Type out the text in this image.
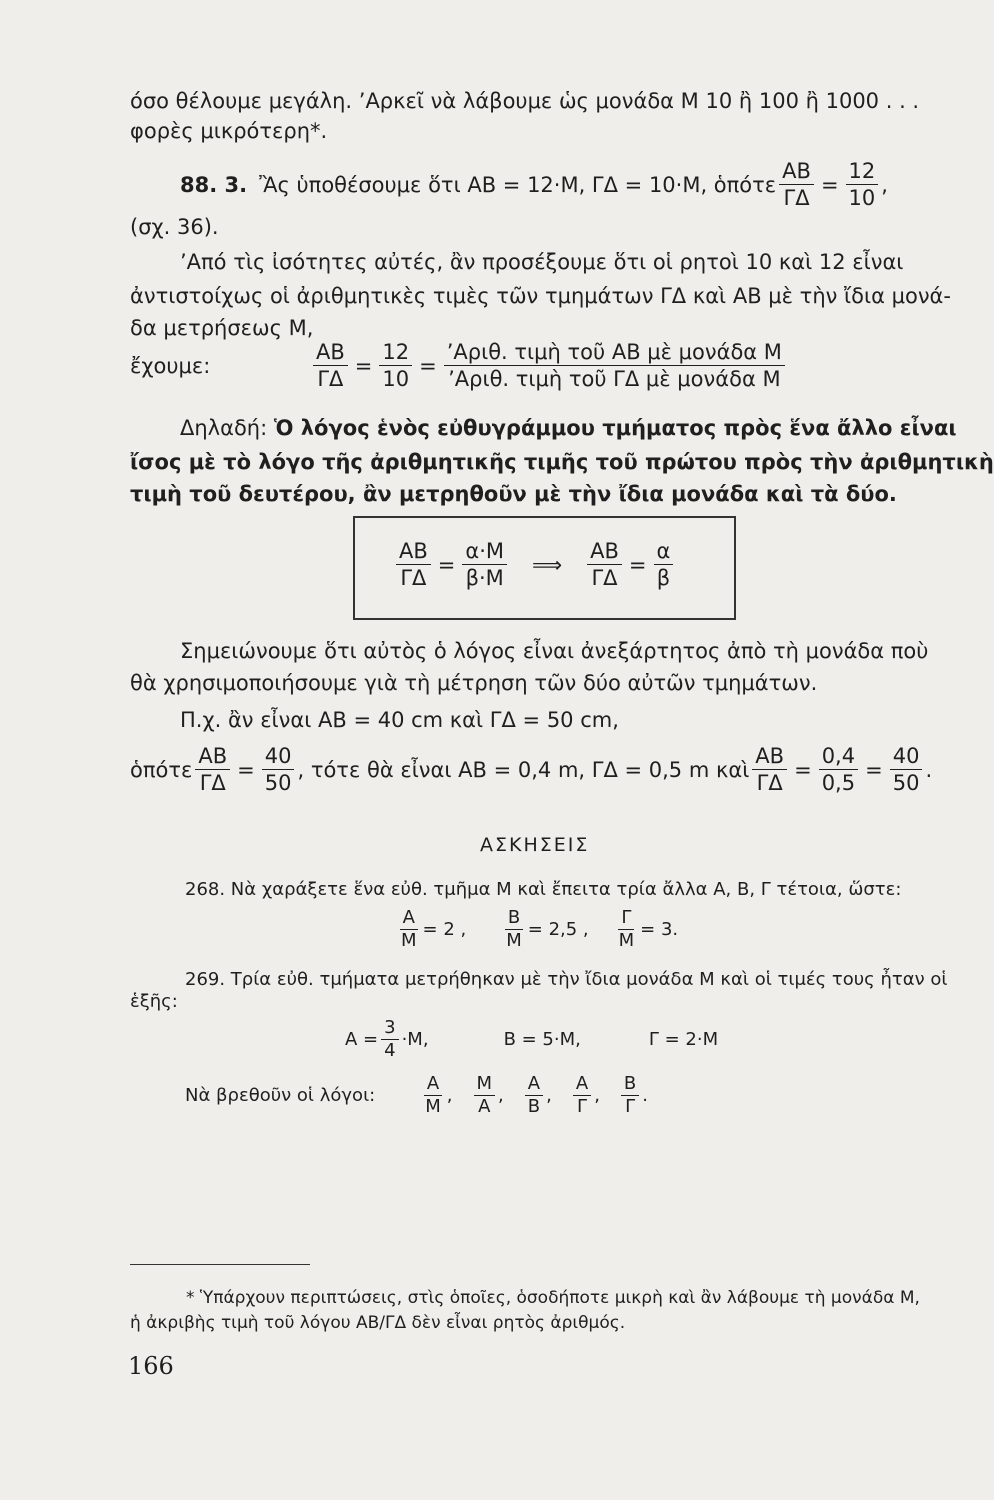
όσο θέλουμε μεγάλη. ’Αρκεῖ νὰ λάβουμε ὡς μονάδα Μ 10 ἢ 100 ἢ 1000 . . .
φορὲς μικρότερη*.
88. 3. Ἂς ὑποθέσουμε ὅτι ΑΒ = 12·Μ, ΓΔ = 10·Μ, ὁπότε $\frac{AB}{\Gamma\Delta} = \frac{12}{10}$ ,
(σχ. 36).
’Από τὶς ἰσότητες αὐτές, ἂν προσέξουμε ὅτι οἱ ρητοὶ 10 καὶ 12 εἶναι
ἀντιστοίχως οἱ ἀριθμητικὲς τιμὲς τῶν τμημάτων ΓΔ καὶ ΑΒ μὲ τὴν ἴδια μονά-
δα μετρήσεως Μ,
ἔχουμε:	$\frac{AB}{\Gamma\Delta} = \frac{12}{10} = \frac{\text{’Αριθ. τιμὴ τοῦ ΑΒ μὲ μονάδα Μ}}{\text{’Αριθ. τιμὴ τοῦ ΓΔ μὲ μονάδα Μ}}$
Δηλαδή: Ὁ λόγος ἑνὸς εὐθυγράμμου τμήματος πρὸς ἕνα ἄλλο εἶναι
ἴσος μὲ τὸ λόγο τῆς ἀριθμητικῆς τιμῆς τοῦ πρώτου πρὸς τὴν ἀριθμητικὴ
τιμὴ τοῦ δευτέρου, ἂν μετρηθοῦν μὲ τὴν ἴδια μονάδα καὶ τὰ δύο.
$\frac{AB}{\Gamma\Delta} = \frac{\alpha\cdot M}{\beta\cdot M}$ ⟹ $\frac{AB}{\Gamma\Delta} = \frac{\alpha}{\beta}$
Σημειώνουμε ὅτι αὐτὸς ὁ λόγος εἶναι ἀνεξάρτητος ἀπὸ τὴ μονάδα ποὺ
θὰ χρησιμοποιήσουμε γιὰ τὴ μέτρηση τῶν δύο αὐτῶν τμημάτων.
Π.χ. ἂν εἶναι ΑΒ = 40 cm καὶ ΓΔ = 50 cm,
ὁπότε $\frac{AB}{\Gamma\Delta} = \frac{40}{50}$ , τότε θὰ εἶναι ΑΒ = 0,4 m, ΓΔ = 0,5 m καὶ $\frac{AB}{\Gamma\Delta} = \frac{0,4}{0,5} = \frac{40}{50}$ .
ΑΣΚΗΣΕΙΣ
268. Νὰ χαράξετε ἕνα εὐθ. τμῆμα Μ καὶ ἔπειτα τρία ἄλλα Α, Β, Γ τέτοια, ὥστε:
$\frac{A}{M} = 2$ , $\frac{B}{M} = 2,5$ , $\frac{\Gamma}{M} = 3$.
269. Τρία εὐθ. τμήματα μετρήθηκαν μὲ τὴν ἴδια μονάδα Μ καὶ οἱ τιμές τους ἦταν οἱ
ἑξῆς:
$A = \frac{3}{4} \cdot M$,	Β = 5·Μ,	Γ = 2·Μ
Νὰ βρεθοῦν οἱ λόγοι:	$\frac{A}{M}$ , $\frac{M}{A}$ , $\frac{A}{B}$ , $\frac{A}{\Gamma}$ , $\frac{B}{\Gamma}$ .
* Ὑπάρχουν περιπτώσεις, στὶς ὁποῖες, ὁσοδήποτε μικρὴ καὶ ἂν λάβουμε τὴ μονάδα Μ,
ἡ ἀκριβὴς τιμὴ τοῦ λόγου ΑΒ/ΓΔ δὲν εἶναι ρητὸς ἀριθμός.
166
